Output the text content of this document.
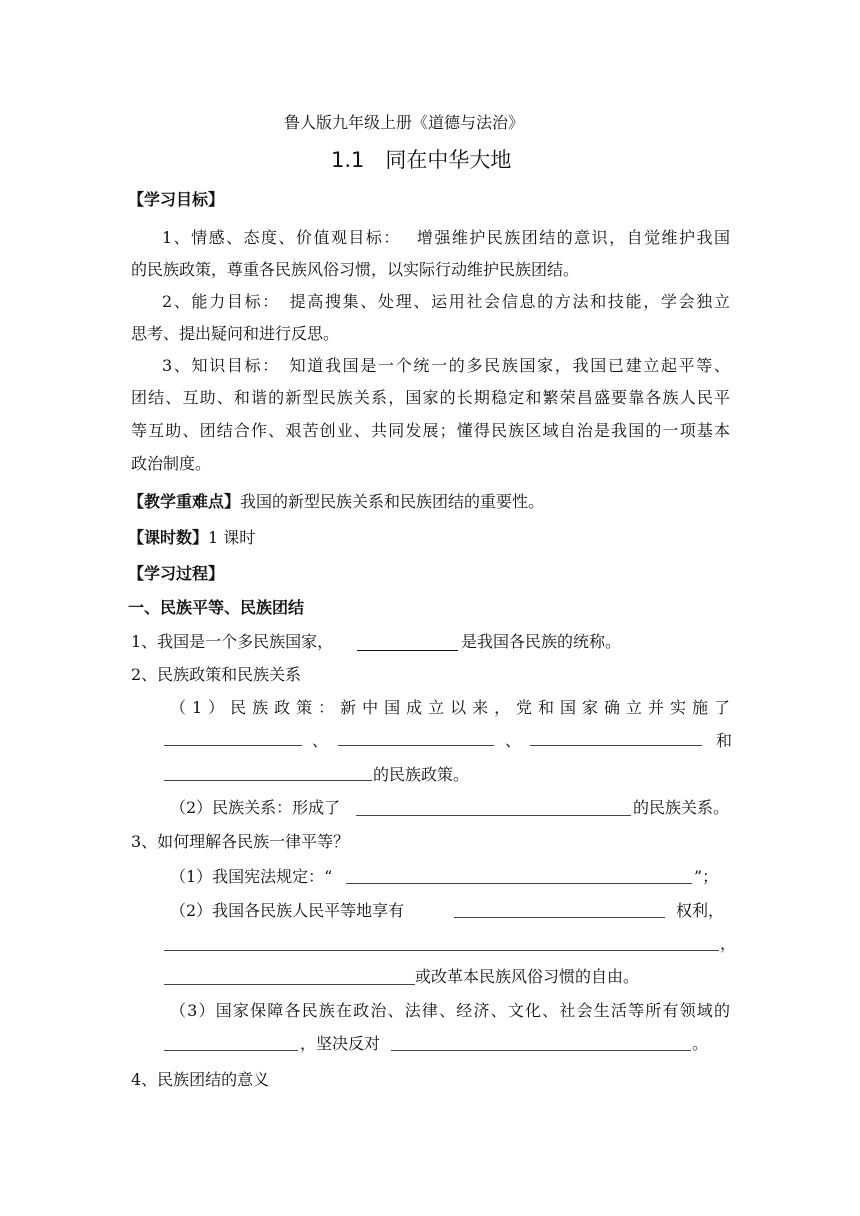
鲁人版九年级上册《道德与法治》
1.1　同在中华大地
【学习目标】
1、情感、态度、价值观目标：　 增强维护民族团结的意识，自觉维护我国
的民族政策，尊重各民族风俗习惯，以实际行动维护民族团结。
2、能力目标：　提高搜集、处理、运用社会信息的方法和技能，学会独立
思考、提出疑问和进行反思。
3、知识目标：　知道我国是一个统一的多民族国家，我国已建立起平等、
团结、互助、和谐的新型民族关系，国家的长期稳定和繁荣昌盛要靠各族人民平
等互助、团结合作、艰苦创业、共同发展；懂得民族区域自治是我国的一项基本
政治制度。
【教学重难点】我国的新型民族关系和民族团结的重要性。
【课时数】1 课时
【学习过程】
一、民族平等、民族团结
1、我国是一个多民族国家，	是我国各民族的统称。
2、民族政策和民族关系
（1）民族政策：新中国成立以来，党和国家确立并实施了
、	、	和
的民族政策。
（2）民族关系：形成了	的民族关系。
3、如何理解各民族一律平等？
（1）我国宪法规定：“	”；
（2）我国各民族人民平等地享有	权利，
，
或改革本民族风俗习惯的自由。
（3）国家保障各民族在政治、法律、经济、文化、社会生活等所有领域的
，坚决反对	。
4、民族团结的意义
